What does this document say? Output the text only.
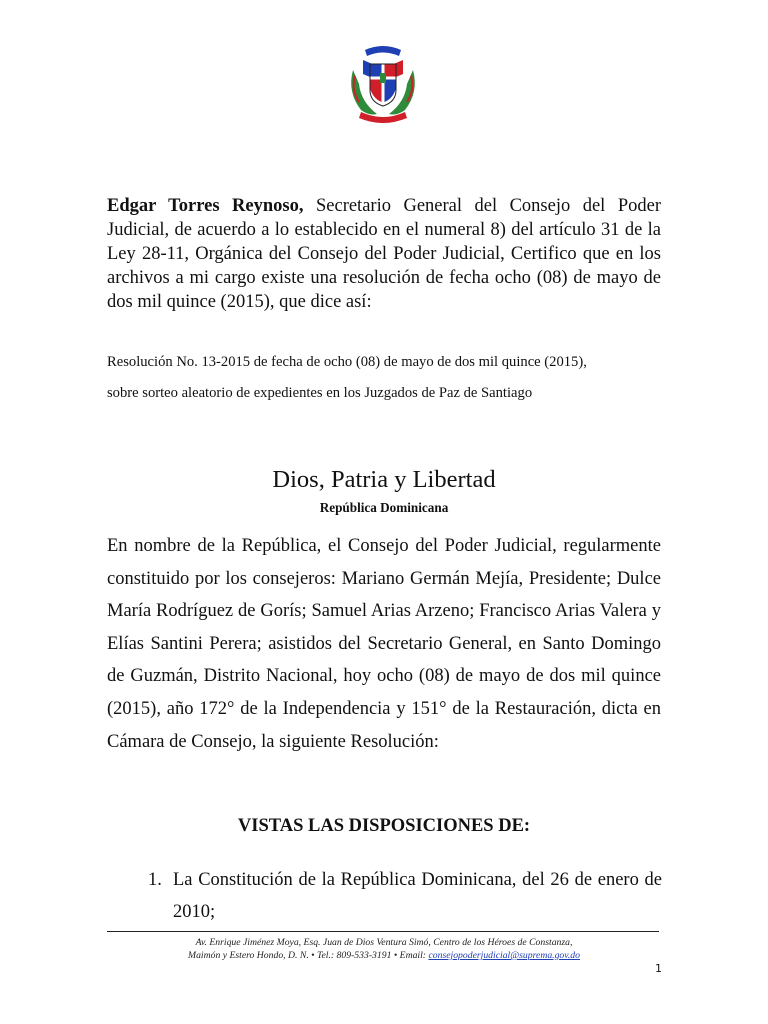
Edgar Torres Reynoso, Secretario General del Consejo del Poder Judicial, de acuerdo a lo establecido en el numeral 8) del artículo 31 de la Ley 28-11, Orgánica del Consejo del Poder Judicial, Certifico que en los archivos a mi cargo existe una resolución de fecha ocho (08) de mayo de dos mil quince (2015), que dice así:

Resolución No. 13-2015 de fecha de ocho (08) de mayo de dos mil quince (2015),
sobre sorteo aleatorio de expedientes en los Juzgados de Paz de Santiago
Dios, Patria y Libertad
República Dominicana

En nombre de la República, el Consejo del Poder Judicial, regularmente constituido por los consejeros: Mariano Germán Mejía, Presidente; Dulce María Rodríguez de Gorís; Samuel Arias Arzeno; Francisco Arias Valera y Elías Santini Perera; asistidos del Secretario General, en Santo Domingo de Guzmán, Distrito Nacional, hoy ocho (08) de mayo de dos mil quince (2015), año 172° de la Independencia y 151° de la Restauración, dicta en Cámara de Consejo, la siguiente Resolución:

VISTAS LAS DISPOSICIONES DE:
1. La Constitución de la República Dominicana, del 26 de enero de 2010;
Av. Enrique Jiménez Moya, Esq. Juan de Dios Ventura Simó, Centro de los Héroes de Constanza,
Maimón y Estero Hondo, D. N. • Tel.: 809-533-3191 • Email: consejopoderjudicial@suprema.gov.do
1
